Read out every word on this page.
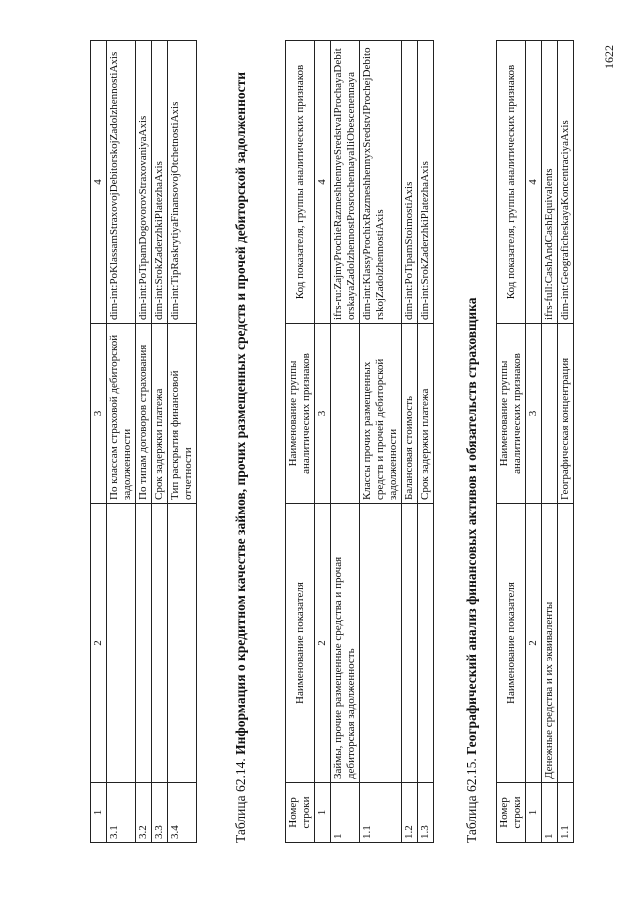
1	2	3	4
3.1		По классам страховой дебиторской задолженности	dim-int:PoKlassamStraxovojDebitorskojZadolzhennostiAxis
3.2		По типам договоров страхования	dim-int:PoTipamDogovorovStraxovaniyaAxis
3.3		Срок задержки платежа	dim-int:SrokZaderzhkiPlatezhaAxis
3.4		Тип раскрытия финансовой отчетности	dim-int:TipRaskrytiyaFinansovojOtchetnostiAxis
Таблица 62.14. Информация о кредитном качестве займов, прочих размещенных средств и прочей дебиторской задолженности
Номер строки	Наименование показателя	Наименование группы аналитических признаков	Код показателя, группы аналитических признаков
1	2	3	4
1	Займы, прочие размещенные средства и прочая дебиторская задолженность		ifrs-ru:ZajmyProchieRazmeshhennyeSredstvaIProchayaDebitorskayaZadolzhennostProsrochennayaIliObescenennaya
1.1		Классы прочих размещенных средств и прочей дебиторской задолженности	dim-int:KlassyProchixRazmeshhennyxSredstvIProchejDebitorskojZadolzhennostiAxis
1.2		Балансовая стоимость	dim-int:PoTipamStoimostiAxis
1.3		Срок задержки платежа	dim-int:SrokZaderzhkiPlatezhaAxis
Таблица 62.15. Географический анализ финансовых активов и обязательств страховщика
Номер строки	Наименование показателя	Наименование группы аналитических признаков	Код показателя, группы аналитических признаков
1	2	3	4
1	Денежные средства и их эквиваленты		ifrs-full:CashAndCashEquivalents
1.1		Географическая концентрация	dim-int:GeograficheskayaKoncentraciyaAxis
1622
